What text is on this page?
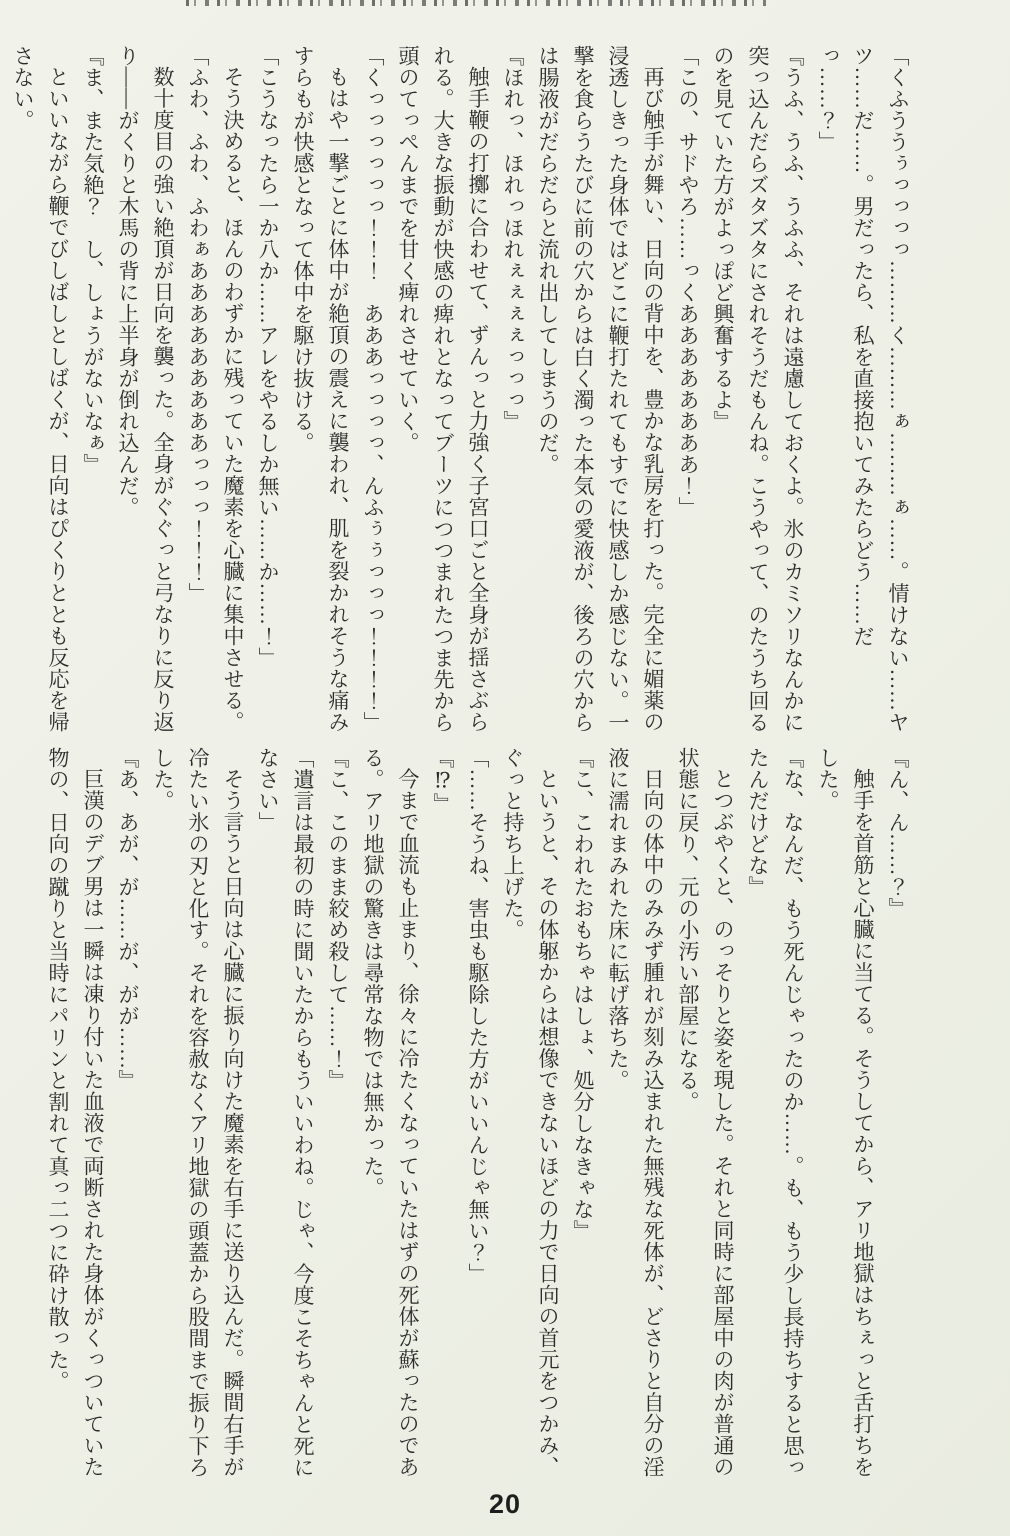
「くふううぅっっっっ………く………ぁ………ぁ……。情けない……ヤツ……だ……。男だったら、私を直接抱いてみたらどう……だっ……？」

『うふ、うふ、うふふ、それは遠慮しておくよ。氷のカミソリなんかに突っ込んだらズタズタにされそうだもんね。こうやって、のたうち回るのを見ていた方がよっぽど興奮するよ』

「この、サドやろ……っくああああああああ！」

再び触手が舞い、日向の背中を、豊かな乳房を打った。完全に媚薬の浸透しきった身体ではどこに鞭打たれてもすでに快感しか感じない。一撃を食らうたびに前の穴からは白く濁った本気の愛液が、後ろの穴からは腸液がだらだらと流れ出してしまうのだ。

『ほれっ、ほれっほれぇぇぇぇっっっ』

触手鞭の打擲に合わせて、ずんっと力強く子宮口ごと全身が揺さぶられる。大きな振動が快感の痺れとなってブーツにつつまれたつま先から頭のてっぺんまでを甘く痺れさせていく。

「くっっっっっっ！！！　あああっっっっ、んふぅぅっっっ！！！！」

もはや一撃ごとに体中が絶頂の震えに襲われ、肌を裂かれそうな痛みすらもが快感となって体中を駆け抜ける。

「こうなったら一か八か……アレをやるしか無い……か……！」

そう決めると、ほんのわずかに残っていた魔素を心臓に集中させる。

「ふわ、ふわ、ふわぁあああああああああっっっ！！！」

数十度目の強い絶頂が日向を襲った。全身がぐぐっと弓なりに反り返り――がくりと木馬の背に上半身が倒れ込んだ。

『ま、また気絶？　し、しょうがないなぁ』

といいながら鞭でびしばしとしばくが、日向はぴくりととも反応を帰さない。

『ん、ん……？』

触手を首筋と心臓に当てる。そうしてから、アリ地獄はちぇっと舌打ちをした。

『な、なんだ、もう死んじゃったのか……。も、もう少し長持ちすると思ったんだけどな』

とつぶやくと、のっそりと姿を現した。それと同時に部屋中の肉が普通の状態に戻り、元の小汚い部屋になる。

日向の体中のみみず腫れが刻み込まれた無残な死体が、どさりと自分の淫液に濡れまみれた床に転げ落ちた。

『こ、こわれたおもちゃはしょ、処分しなきゃな』

というと、その体躯からは想像できないほどの力で日向の首元をつかみ、ぐっと持ち上げた。

「……そうね、害虫も駆除した方がいいんじゃ無い？」

『⁉』

今まで血流も止まり、徐々に冷たくなっていたはずの死体が蘇ったのである。アリ地獄の驚きは尋常な物では無かった。

『こ、このまま絞め殺して……！』

「遺言は最初の時に聞いたからもういいわね。じゃ、今度こそちゃんと死になさい」

そう言うと日向は心臓に振り向けた魔素を右手に送り込んだ。瞬間右手が冷たい氷の刃と化す。それを容赦なくアリ地獄の頭蓋から股間まで振り下ろした。

『あ、あが、が……が、がが……』

巨漢のデブ男は一瞬は凍り付いた血液で両断された身体がくっついていた物の、日向の蹴りと当時にパリンと割れて真っ二つに砕け散った。

20
